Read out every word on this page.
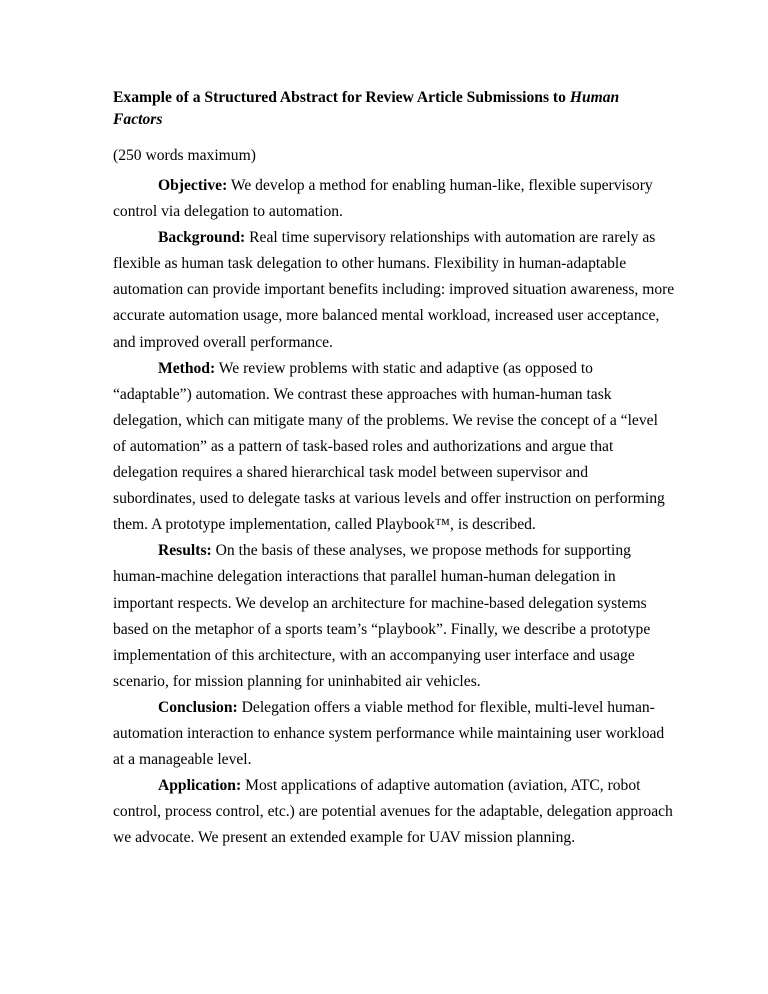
Example of a Structured Abstract for Review Article Submissions to Human
Factors
(250 words maximum)
Objective: We develop a method for enabling human-like, flexible supervisory
control via delegation to automation.
Background: Real time supervisory relationships with automation are rarely as
flexible as human task delegation to other humans. Flexibility in human-adaptable
automation can provide important benefits including: improved situation awareness, more
accurate automation usage, more balanced mental workload, increased user acceptance,
and improved overall performance.
Method: We review problems with static and adaptive (as opposed to
“adaptable”) automation. We contrast these approaches with human-human task
delegation, which can mitigate many of the problems. We revise the concept of a “level
of automation” as a pattern of task-based roles and authorizations and argue that
delegation requires a shared hierarchical task model between supervisor and
subordinates, used to delegate tasks at various levels and offer instruction on performing
them. A prototype implementation, called Playbook™, is described.
Results: On the basis of these analyses, we propose methods for supporting
human-machine delegation interactions that parallel human-human delegation in
important respects. We develop an architecture for machine-based delegation systems
based on the metaphor of a sports team’s “playbook”. Finally, we describe a prototype
implementation of this architecture, with an accompanying user interface and usage
scenario, for mission planning for uninhabited air vehicles.
Conclusion: Delegation offers a viable method for flexible, multi-level human-
automation interaction to enhance system performance while maintaining user workload
at a manageable level.
Application: Most applications of adaptive automation (aviation, ATC, robot
control, process control, etc.) are potential avenues for the adaptable, delegation approach
we advocate. We present an extended example for UAV mission planning.
